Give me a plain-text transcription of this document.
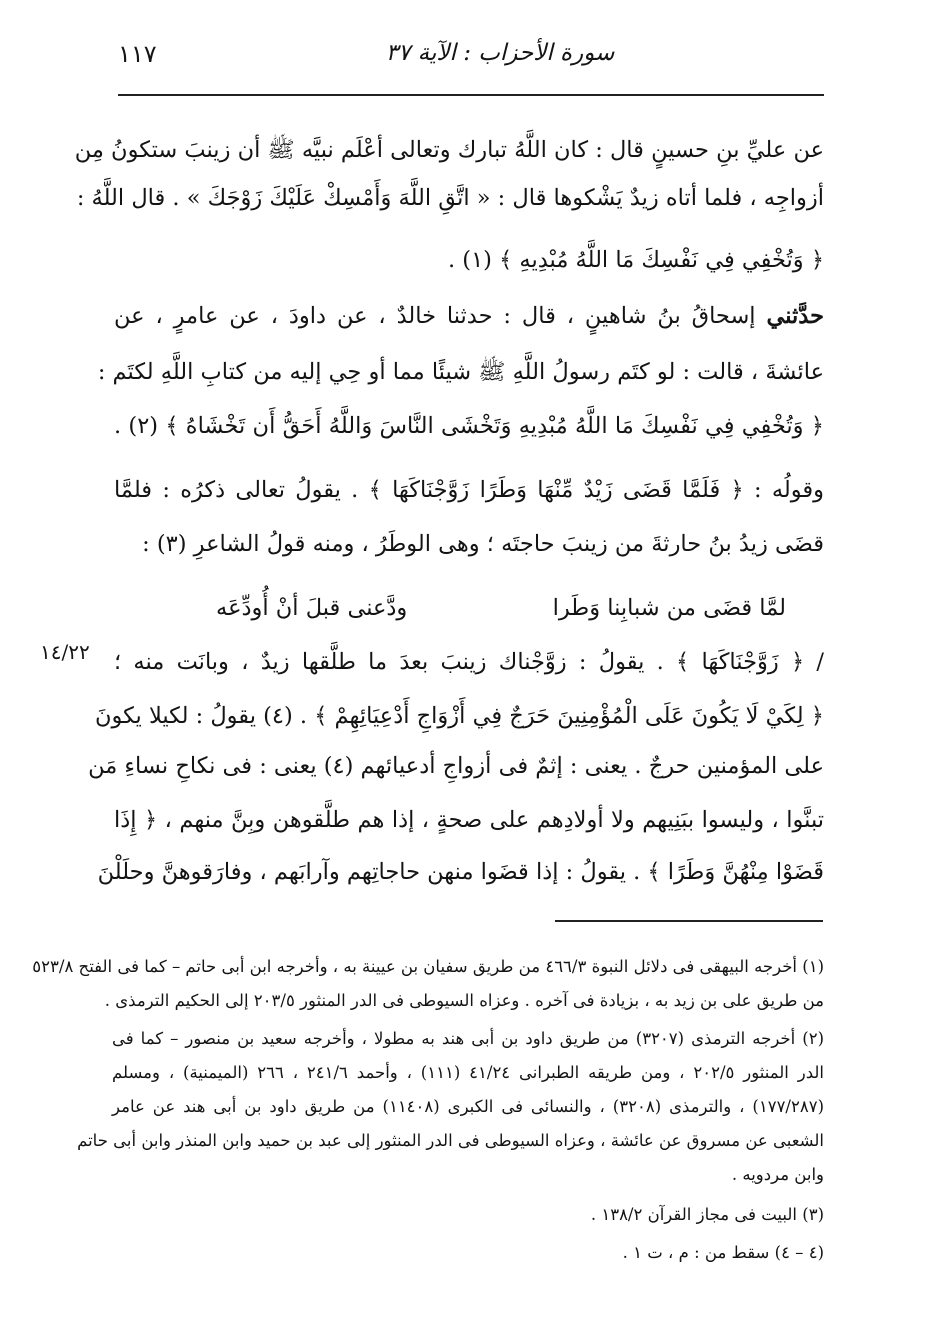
١١٧	سورة الأحزاب : الآية ٣٧
عن عليِّ بنِ حسينٍ قال : كان اللَّهُ تبارك وتعالى أعْلَم نبيَّه ﷺ أن زينبَ ستكونُ مِن
أزواجِه ، فلما أتاه زيدٌ يَشْكوها قال : « اتَّقِ اللَّهَ وَأَمْسِكْ عَلَيْكَ زَوْجَكَ » . قال اللَّهُ :
﴿ وَتُخْفِي فِي نَفْسِكَ مَا اللَّهُ مُبْدِيهِ ﴾ (١) .
حدَّثني إسحاقُ بنُ شاهينٍ ، قال : حدثنا خالدٌ ، عن داودَ ، عن عامرٍ ، عن
عائشةَ ، قالت : لو كتَم رسولُ اللَّهِ ﷺ شيئًا مما أو حِي إليه من كتابِ اللَّهِ لكتَم :
﴿ وَتُخْفِي فِي نَفْسِكَ مَا اللَّهُ مُبْدِيهِ وَتَخْشَى النَّاسَ وَاللَّهُ أَحَقُّ أَن تَخْشَاهُ ﴾ (٢) .
وقولُه : ﴿ فَلَمَّا قَضَى زَيْدٌ مِّنْهَا وَطَرًا زَوَّجْنَاكَهَا ﴾ . يقولُ تعالى ذكرُه : فلمَّا
قضَى زيدُ بنُ حارثةَ من زينبَ حاجتَه ؛ وهى الوطَرُ ، ومنه قولُ الشاعرِ (٣) :
لمَّا قضَى من شبابِنا وَطَرا
ودَّعنى قبلَ أنْ أُودِّعَه
١٤/٢٢ / ﴿ زَوَّجْنَاكَهَا ﴾ . يقولُ : زوَّجْناك زينبَ بعدَ ما طلَّقها زيدٌ ، وبانَت منه ؛
﴿ لِكَيْ لَا يَكُونَ عَلَى الْمُؤْمِنِينَ حَرَجٌ فِي أَزْوَاجِ أَدْعِيَائِهِمْ ﴾ . (٤) يقولُ : لكيلا يكونَ
على المؤمنين حرجٌ . يعنى : إثمٌ فى أزواجِ أدعيائهم (٤) يعنى : فى نكاحِ نساءِ مَن
تبنَّوا ، وليسوا ببَنِيهم ولا أولادِهم على صحةٍ ، إذا هم طلَّقوهن وبِنَّ منهم ، ﴿ إِذَا
قَضَوْا مِنْهُنَّ وَطَرًا ﴾ . يقولُ : إذا قضَوا منهن حاجاتِهم وآرابَهم ، وفارَقوهنَّ وحلَلْنَ
(١) أخرجه البيهقى فى دلائل النبوة ٤٦٦/٣ من طريق سفيان بن عيينة به ، وأخرجه ابن أبى حاتم – كما فى الفتح ٥٢٣/٨
من طريق على بن زيد به ، بزيادة فى آخره . وعزاه السيوطى فى الدر المنثور ٢٠٣/٥ إلى الحكيم الترمذى .
(٢) أخرجه الترمذى (٣٢٠٧) من طريق داود بن أبى هند به مطولا ، وأخرجه سعيد بن منصور – كما فى
الدر المنثور ٢٠٢/٥ ، ومن طريقه الطبرانى ٤١/٢٤ (١١١) ، وأحمد ٢٤١/٦ ، ٢٦٦ (الميمنية) ، ومسلم
(١٧٧/٢٨٧) ، والترمذى (٣٢٠٨) ، والنسائى فى الكبرى (١١٤٠٨) من طريق داود بن أبى هند عن عامر
الشعبى عن مسروق عن عائشة ، وعزاه السيوطى فى الدر المنثور إلى عبد بن حميد وابن المنذر وابن أبى حاتم
وابن مردويه .
(٣) البيت فى مجاز القرآن ١٣٨/٢ .
(٤ – ٤) سقط من : م ، ت ١ .
